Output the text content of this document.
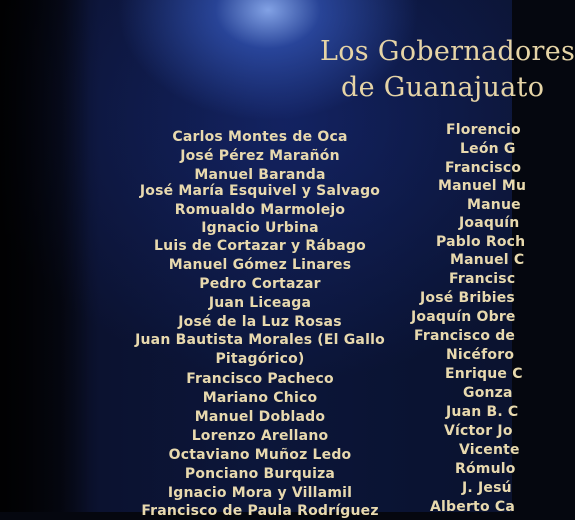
Los Gobernadores
de Guanajuato
Carlos Montes de Oca
José Pérez Marañón
Manuel Baranda
José María Esquivel y Salvago
Romualdo Marmolejo
Ignacio Urbina
Luis de Cortazar y Rábago
Manuel Gómez Linares
Pedro Cortazar
Juan Liceaga
José de la Luz Rosas
Juan Bautista Morales (El Gallo
Pitagórico)
Francisco Pacheco
Mariano Chico
Manuel Doblado
Lorenzo Arellano
Octaviano Muñoz Ledo
Ponciano Burquiza
Ignacio Mora y Villamil
Francisco de Paula Rodríguez
Florencio
León G
Francisco
Manuel Mu
Manue
Joaquín
Pablo Roch
Manuel C
Francisc
José Bribies
Joaquín Obre
Francisco de
Nicéforo
Enrique C
Gonza
Juan B. C
Víctor Jo
Vicente
Rómulo
J. Jesú
Alberto Ca
